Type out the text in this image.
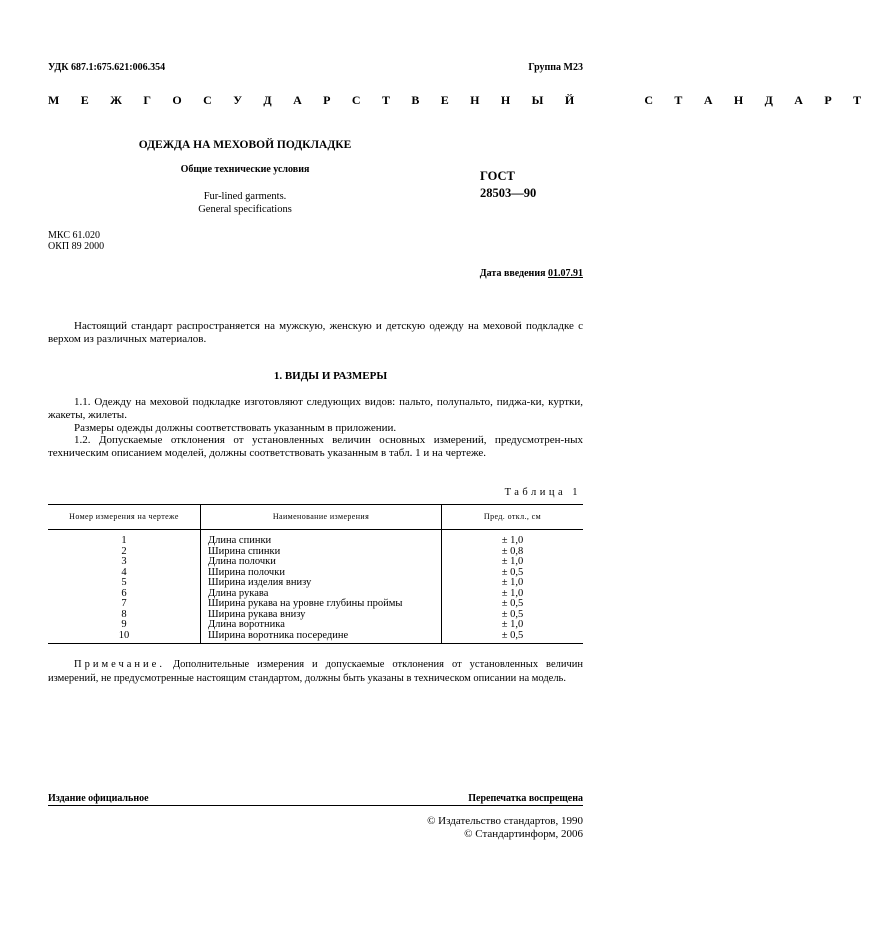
УДК 687.1:675.621:006.354	Группа М23
М Е Ж Г О С У Д А Р С Т В Е Н Н Ы Й     С Т А Н Д А Р Т
ОДЕЖДА НА МЕХОВОЙ ПОДКЛАДКЕ
Общие технические условия
Fur-lined garments.
General specifications
ГОСТ
28503—90
МКС 61.020
ОКП 89 2000
Дата введения 01.07.91
Настоящий стандарт распространяется на мужскую, женскую и детскую одежду на меховой подкладке с верхом из различных материалов.
1. ВИДЫ И РАЗМЕРЫ
1.1. Одежду на меховой подкладке изготовляют следующих видов: пальто, полупальто, пиджа-ки, куртки, жакеты, жилеты.
Размеры одежды должны соответствовать указанным в приложении.
1.2. Допускаемые отклонения от установленных величин основных измерений, предусмотрен-ных техническим описанием моделей, должны соответствовать указанным в табл. 1 и на чертеже.
Таблица 1
Номер измерения на чертеже	Наименование измерения	Пред. откл., см
1	Длина спинки	± 1,0
2	Ширина спинки	± 0,8
3	Длина полочки	± 1,0
4	Ширина полочки	± 0,5
5	Ширина изделия внизу	± 1,0
6	Длина рукава	± 1,0
7	Ширина рукава на уровне глубины проймы	± 0,5
8	Ширина рукава внизу	± 0,5
9	Длина воротника	± 1,0
10	Ширина воротника посередине	± 0,5
Примечание. Дополнительные измерения и допускаемые отклонения от установленных величин измерений, не предусмотренные настоящим стандартом, должны быть указаны в техническом описании на модель.
Издание официальное	Перепечатка воспрещена
© Издательство стандартов, 1990
© Стандартинформ, 2006
